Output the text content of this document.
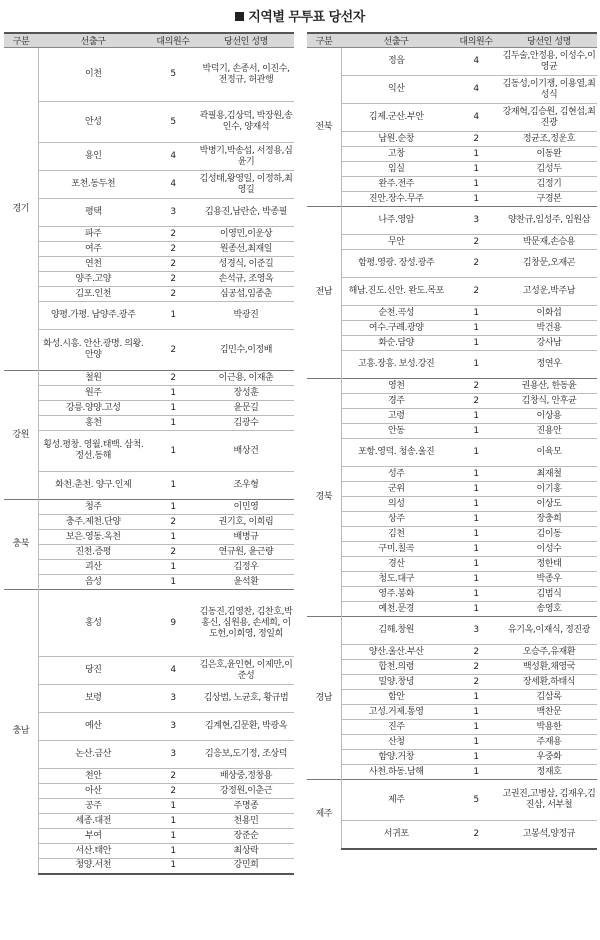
지역별 무투표 당선자
구분	선출구	대의원수	당선인 성명
경기	이천	5	박덕기, 손종서, 이진수, 전정규, 허관행
	안성	5	곽필용,김상덕, 박장원,송인수, 양재석
	용인	4	박병기,박송섭, 서정용,심윤기
	포천.동두천	4	김성태,왕영일, 이정하,최영길
	평택	3	김용진,남란순, 박종필
	파주	2	이영민,이운상
	여주	2	원종선,최재일
	연천	2	성경식, 이준길
	양주.고양	2	손석규, 조영옥
	김포.인천	2	심공섭,임종춘
	양평.가평. 남양주.광주	1	박광진
	화성.시흥. 안산.광명. 의왕.안양	2	김민수,이정배
강원	철원	2	이근용, 이재춘
	원주	1	장성훈
	강릉.양양.고성	1	윤문길
	홍천	1	김광수
	횡성.평창. 영월.태백. 삼척.정선.동해	1	배상건
	화천.춘천. 양구.인제	1	조우형
충북	청주	1	이민영
	충주.제천.단양	2	권기호, 이희림
	보은.영동.옥천	1	배병규
	진천.증평	2	연규원, 윤근량
	괴산	1	김정우
	음성	1	윤석환
충남	홍성	9	김동진,김영찬, 김찬호,박홍신, 심원용, 손세희, 이도헌,이희영, 정일희
	당진	4	김은호,윤인현, 이제만,이준성
	보령	3	김상범, 노균호, 황규범
	예산	3	김계현,김문환, 박광옥
	논산.금산	3	김응보,도기정, 조상덕
	천안	2	배상중,정창용
	아산	2	강정원,이춘근
	공주	1	주명종
	세종.대전	1	천용민
	부여	1	장준순
	서산.태안	1	최상락
	청양.서천	1	강민희
구분	선출구	대의원수	당선인 성명
전북	정읍	4	김두술,안정용, 이성수,이영균
	익산	4	김동성,이기쟁, 이용열,최성식
	김제.군산.부안	4	강재혁,김승원, 김현섭,최진광
	남원.순창	2	정균조,정운호
	고창	1	이동완
	임실	1	김성두
	완주.전주	1	김정기
	진안.장수.무주	1	구경본
전남	나주.영암	3	양찬규,임성주, 임원삼
	무안	2	박문재,손승용
	함평.영광. 장성.광주	2	김창문,오재곤
	해남.진도.신안. 완도.목포	2	고성운,박주남
	순천.곡성	1	이화섭
	여수.구례.광양	1	박건용
	화순.담양	1	강사남
	고흥.장흥. 보성.강진	1	정연우
경북	영천	2	권용산, 한동윤
	경주	2	김창식, 안후균
	고령	1	이상용
	안동	1	진용안
	포항.영덕. 청송.울진	1	이육모
	성주	1	최재철
	군위	1	이기홍
	의성	1	이상도
	상주	1	장충희
	김천	1	김이동
	구미.칠곡	1	이성수
	경산	1	정한태
	청도.대구	1	박종우
	영주.봉화	1	김범식
	예천.문경	1	송영호
경남	김해.창원	3	유기옥,이재식, 정진광
	양산.울산.부산	2	오승주,유재환
	합천.의령	2	백성환,채영국
	밀양.창녕	2	장세환,하태식
	함안	1	김삼록
	고성.거제.통영	1	백찬문
	진주	1	박용한
	산청	1	주재용
	함양.거창	1	우중화
	사천.하동.남해	1	정재호
제주	제주	5	고권진,고병삼, 김재우,김진삼, 서부철
	서귀포	2	고봉석,양정규
